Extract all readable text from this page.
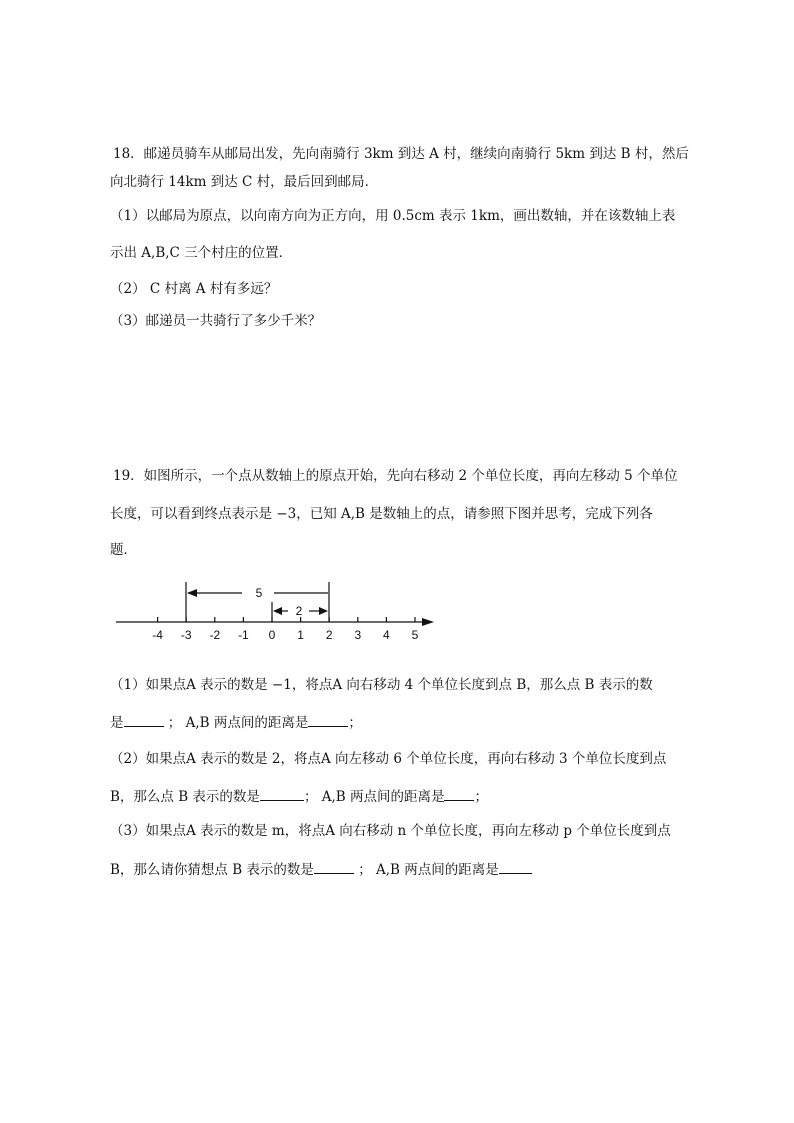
18．邮递员骑车从邮局出发，先向南骑行 3km 到达 A 村，继续向南骑行 5km 到达 B 村，然后
向北骑行 14km 到达 C 村，最后回到邮局．
（1）以邮局为原点，以向南方向为正方向，用 0.5cm 表示 1km，画出数轴，并在该数轴上表
示出 A,B,C 三个村庄的位置．
（2） C 村离 A 村有多远？
（3）邮递员一共骑行了多少千米？
19．如图所示，一个点从数轴上的原点开始，先向右移动 2 个单位长度，再向左移动 5 个单位
长度，可以看到终点表示是 −3，已知 A,B 是数轴上的点，请参照下图并思考，完成下列各
题．
5
2
-4 -3 -2 -1 0 1 2 3 4 5
（1）如果点A 表示的数是 −1，将点A 向右移动 4 个单位长度到点 B，那么点 B 表示的数
是	； A,B 两点间的距离是	；
（2）如果点A 表示的数是 2，将点A 向左移动 6 个单位长度，再向右移动 3 个单位长度到点
B，那么点 B 表示的数是	； A,B 两点间的距离是 ；
（3）如果点A 表示的数是 m，将点A 向右移动 n 个单位长度，再向左移动 p 个单位长度到点
B，那么请你猜想点 B 表示的数是	； A,B 两点间的距离是
